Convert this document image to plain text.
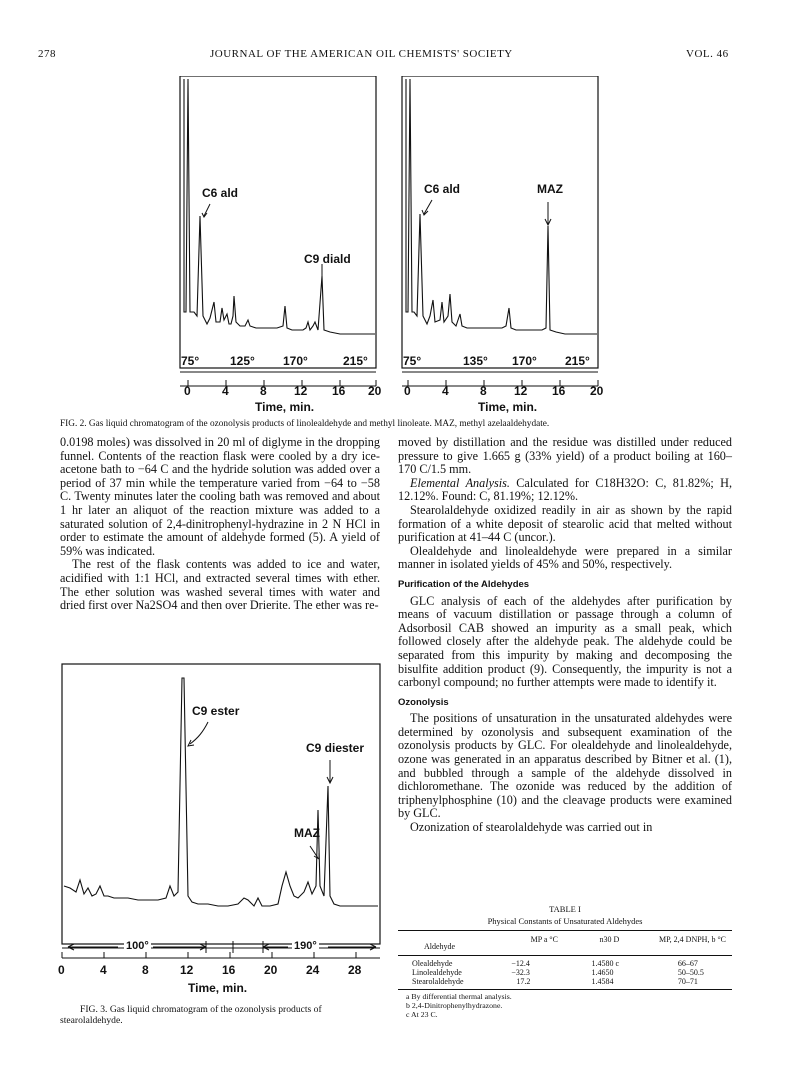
278	JOURNAL OF THE AMERICAN OIL CHEMISTS' SOCIETY	VOL. 46
C6 ald
C9 diald
C6 ald	MAZ
75°	125° 170°	215°	75°	135° 170° 215°
0	4	8 12 16 20 0	4	8 12 16 20
Time, min.	Time, min.
FIG. 2. Gas liquid chromatogram of the ozonolysis products of linolealdehyde and methyl linoleate. MAZ, methyl azelaaldehydate.

0.0198 moles) was dissolved in 20 ml of diglyme in the dropping funnel. Contents of the reaction flask were cooled by a dry ice-acetone bath to −64 C and the hydride solution was added over a period of 37 min while the temperature varied from −64 to −58 C. Twenty minutes later the cooling bath was removed and about 1 hr later an aliquot of the reaction mixture was added to a saturated solution of 2,4-dinitrophenyl-hydrazine in 2 N HCl in order to estimate the amount of aldehyde formed (5). A yield of 59% was indicated.

The rest of the flask contents was added to ice and water, acidified with 1:1 HCl, and extracted several times with ether. The ether solution was washed several times with water and dried first over Na2SO4 and then over Drierite. The ether was re-

C9 ester
C9 diester
MAZ
100°	190°
0	4	8	12 16 20 24 28
Time, min.
FIG. 3. Gas liquid chromatogram of the ozonolysis products of stearolaldehyde.

moved by distillation and the residue was distilled under reduced pressure to give 1.665 g (33% yield) of a product boiling at 160–170 C/1.5 mm.

Elemental Analysis. Calculated for C18H32O: C, 81.82%; H, 12.12%. Found: C, 81.19%; 12.12%.

Stearolaldehyde oxidized readily in air as shown by the rapid formation of a white deposit of stearolic acid that melted without purification at 41–44 C (uncor.).

Olealdehyde and linolealdehyde were prepared in a similar manner in isolated yields of 45% and 50%, respectively.

Purification of the Aldehydes

GLC analysis of each of the aldehydes after purification by means of vacuum distillation or passage through a column of Adsorbosil CAB showed an impurity as a small peak, which followed closely after the aldehyde peak. The aldehyde could be separated from this impurity by making and decomposing the bisulfite addition product (9). Consequently, the impurity is not a carbonyl compound; no further attempts were made to identify it.

Ozonolysis

The positions of unsaturation in the unsaturated aldehydes were determined by ozonolysis and subsequent examination of the ozonolysis products by GLC. For olealdehyde and linolealdehyde, ozone was generated in an apparatus described by Bitner et al. (1), and bubbled through a sample of the aldehyde dissolved in dichloromethane. The ozonide was reduced by the addition of triphenylphosphine (10) and the cleavage products were examined by GLC.

Ozonization of stearolaldehyde was carried out in

TABLE I
Physical Constants of Unsaturated Aldehydes
Aldehyde
MP a °C	n30 D	MP, 2,4 DNPH, b °C
Olealdehyde	−12.4	1.4580 c	66–67
Linolealdehyde	−32.3	1.4650	50–50.5
Stearolaldehyde	17.2	1.4584	70–71
a By differential thermal analysis.
b 2,4-Dinitrophenylhydrazone.
c At 23 C.
